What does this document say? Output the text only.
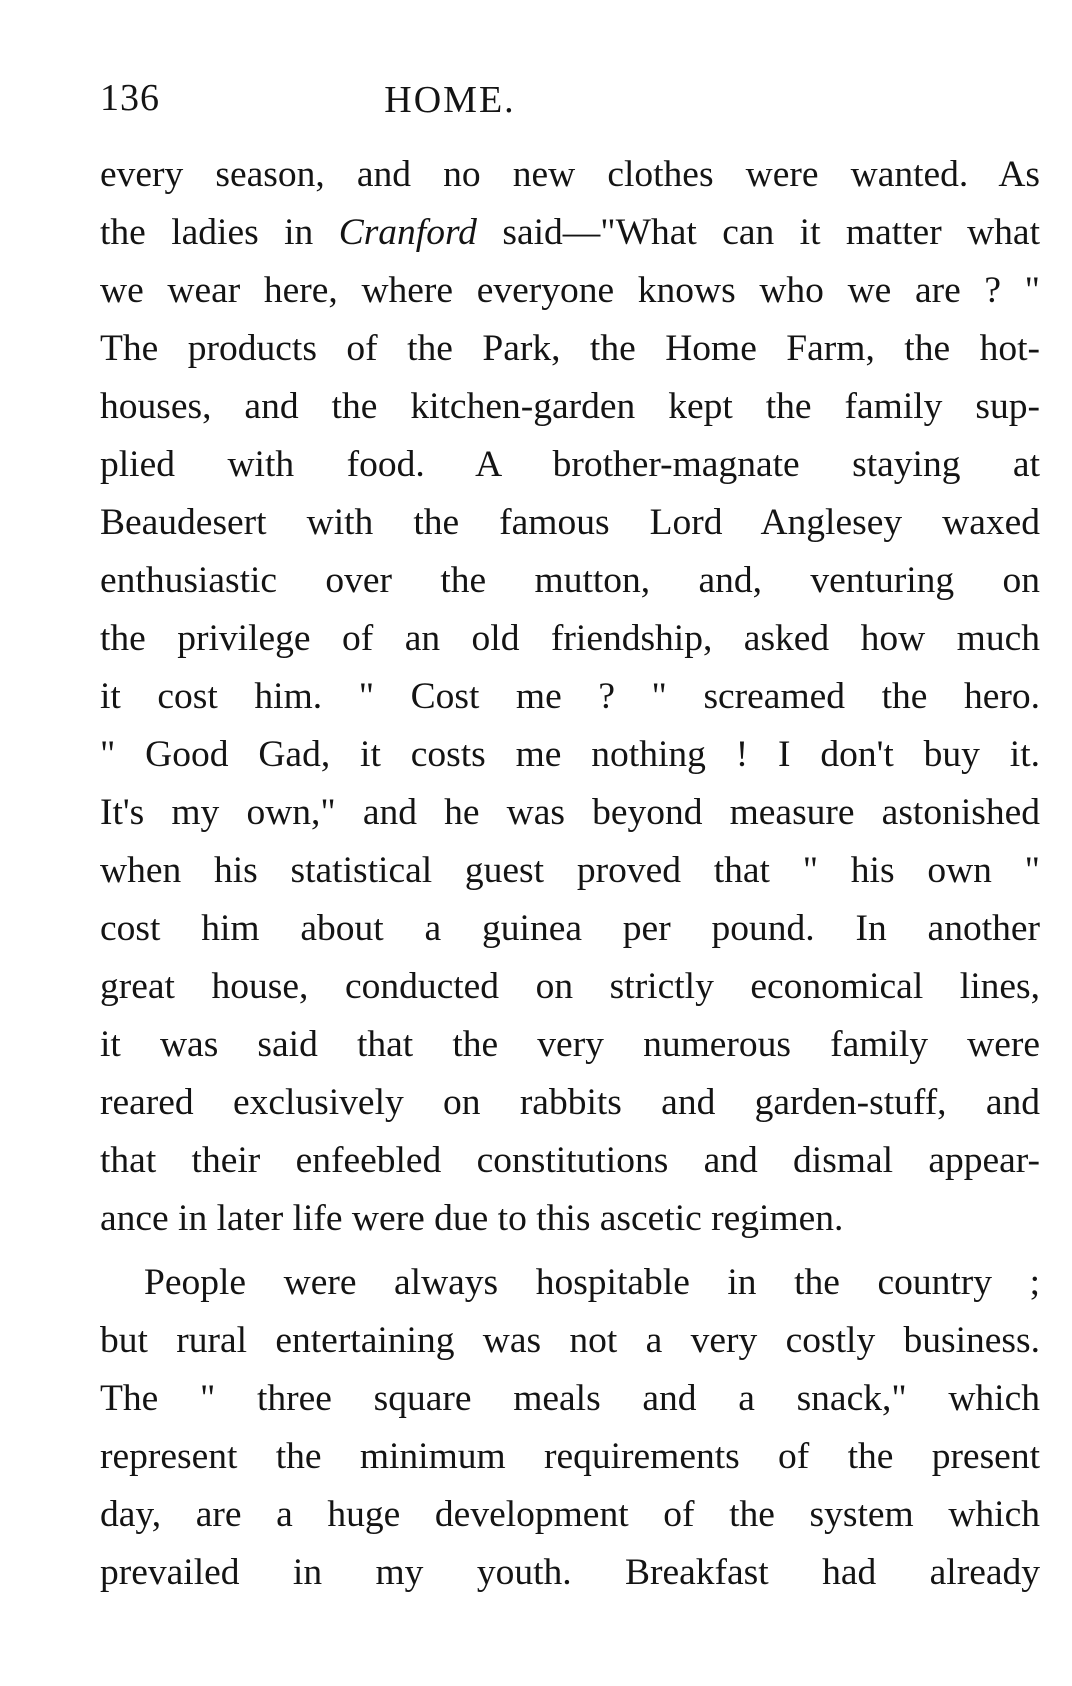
136	HOME.
every season, and no new clothes were wanted. As
the ladies in Cranford said—"What can it matter what
we wear here, where everyone knows who we are ? "
The products of the Park, the Home Farm, the hot-
houses, and the kitchen-garden kept the family sup-
plied with food. A brother-magnate staying at
Beaudesert with the famous Lord Anglesey waxed
enthusiastic over the mutton, and, venturing on
the privilege of an old friendship, asked how much
it cost him. " Cost me ? " screamed the hero.
" Good Gad, it costs me nothing ! I don't buy it.
It's my own," and he was beyond measure astonished
when his statistical guest proved that " his own "
cost him about a guinea per pound. In another
great house, conducted on strictly economical lines,
it was said that the very numerous family were
reared exclusively on rabbits and garden-stuff, and
that their enfeebled constitutions and dismal appear-
ance in later life were due to this ascetic regimen.
People were always hospitable in the country ;
but rural entertaining was not a very costly business.
The " three square meals and a snack," which
represent the minimum requirements of the present
day, are a huge development of the system which
prevailed in my youth. Breakfast had already
